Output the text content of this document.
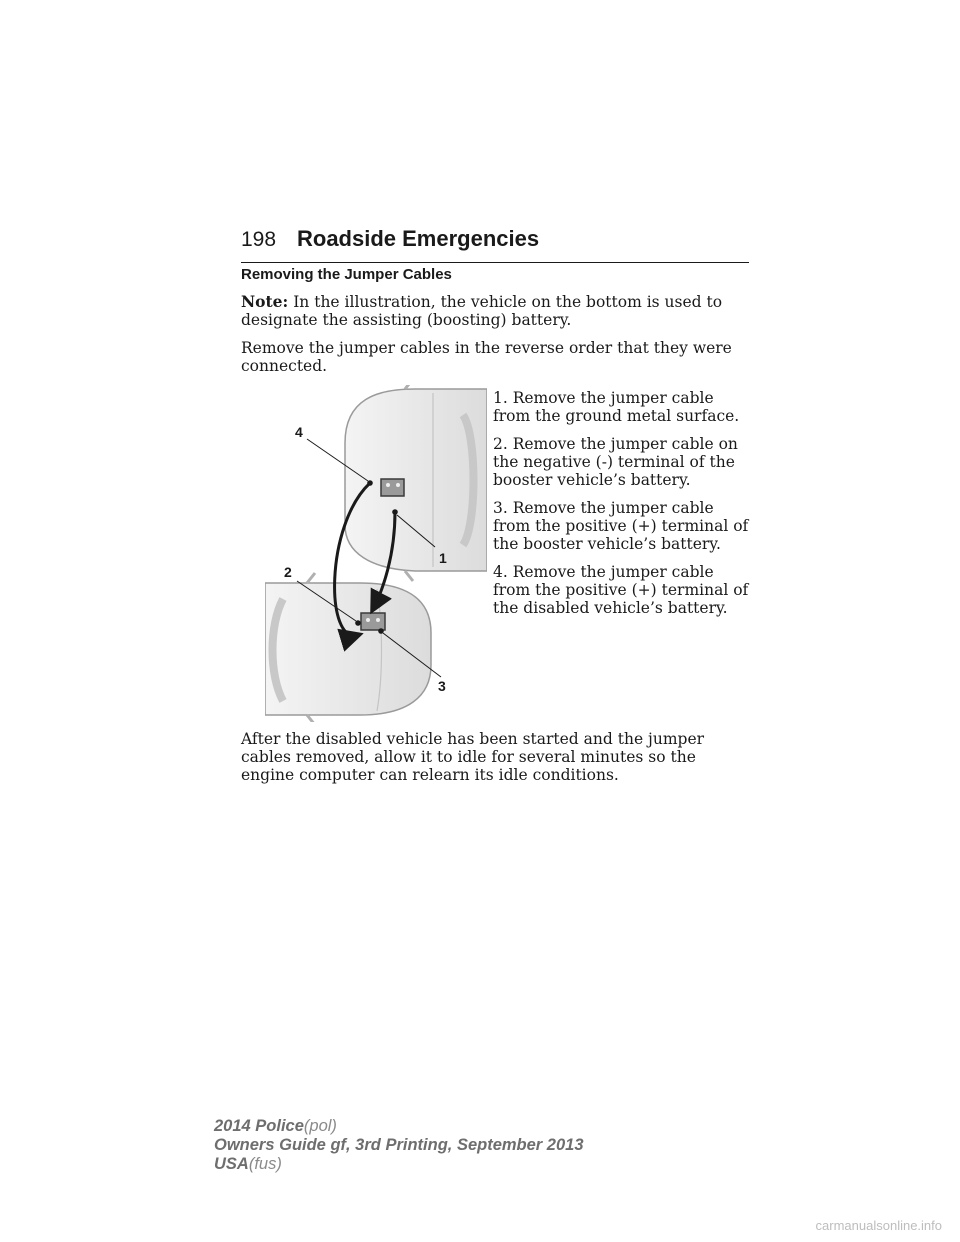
198 Roadside Emergencies
Removing the Jumper Cables

Note: In the illustration, the vehicle on the bottom is used to designate the assisting (boosting) battery.

Remove the jumper cables in the reverse order that they were connected.

4
1
2
3

1. Remove the jumper cable from the ground metal surface.

2. Remove the jumper cable on the negative (-) terminal of the booster vehicle’s battery.

3. Remove the jumper cable from the positive (+) terminal of the booster vehicle’s battery.

4. Remove the jumper cable from the positive (+) terminal of the disabled vehicle’s battery.

After the disabled vehicle has been started and the jumper cables removed, allow it to idle for several minutes so the engine computer can relearn its idle conditions.

2014 Police(pol)
Owners Guide gf, 3rd Printing, September 2013
USA(fus)
carmanualsonline.info
